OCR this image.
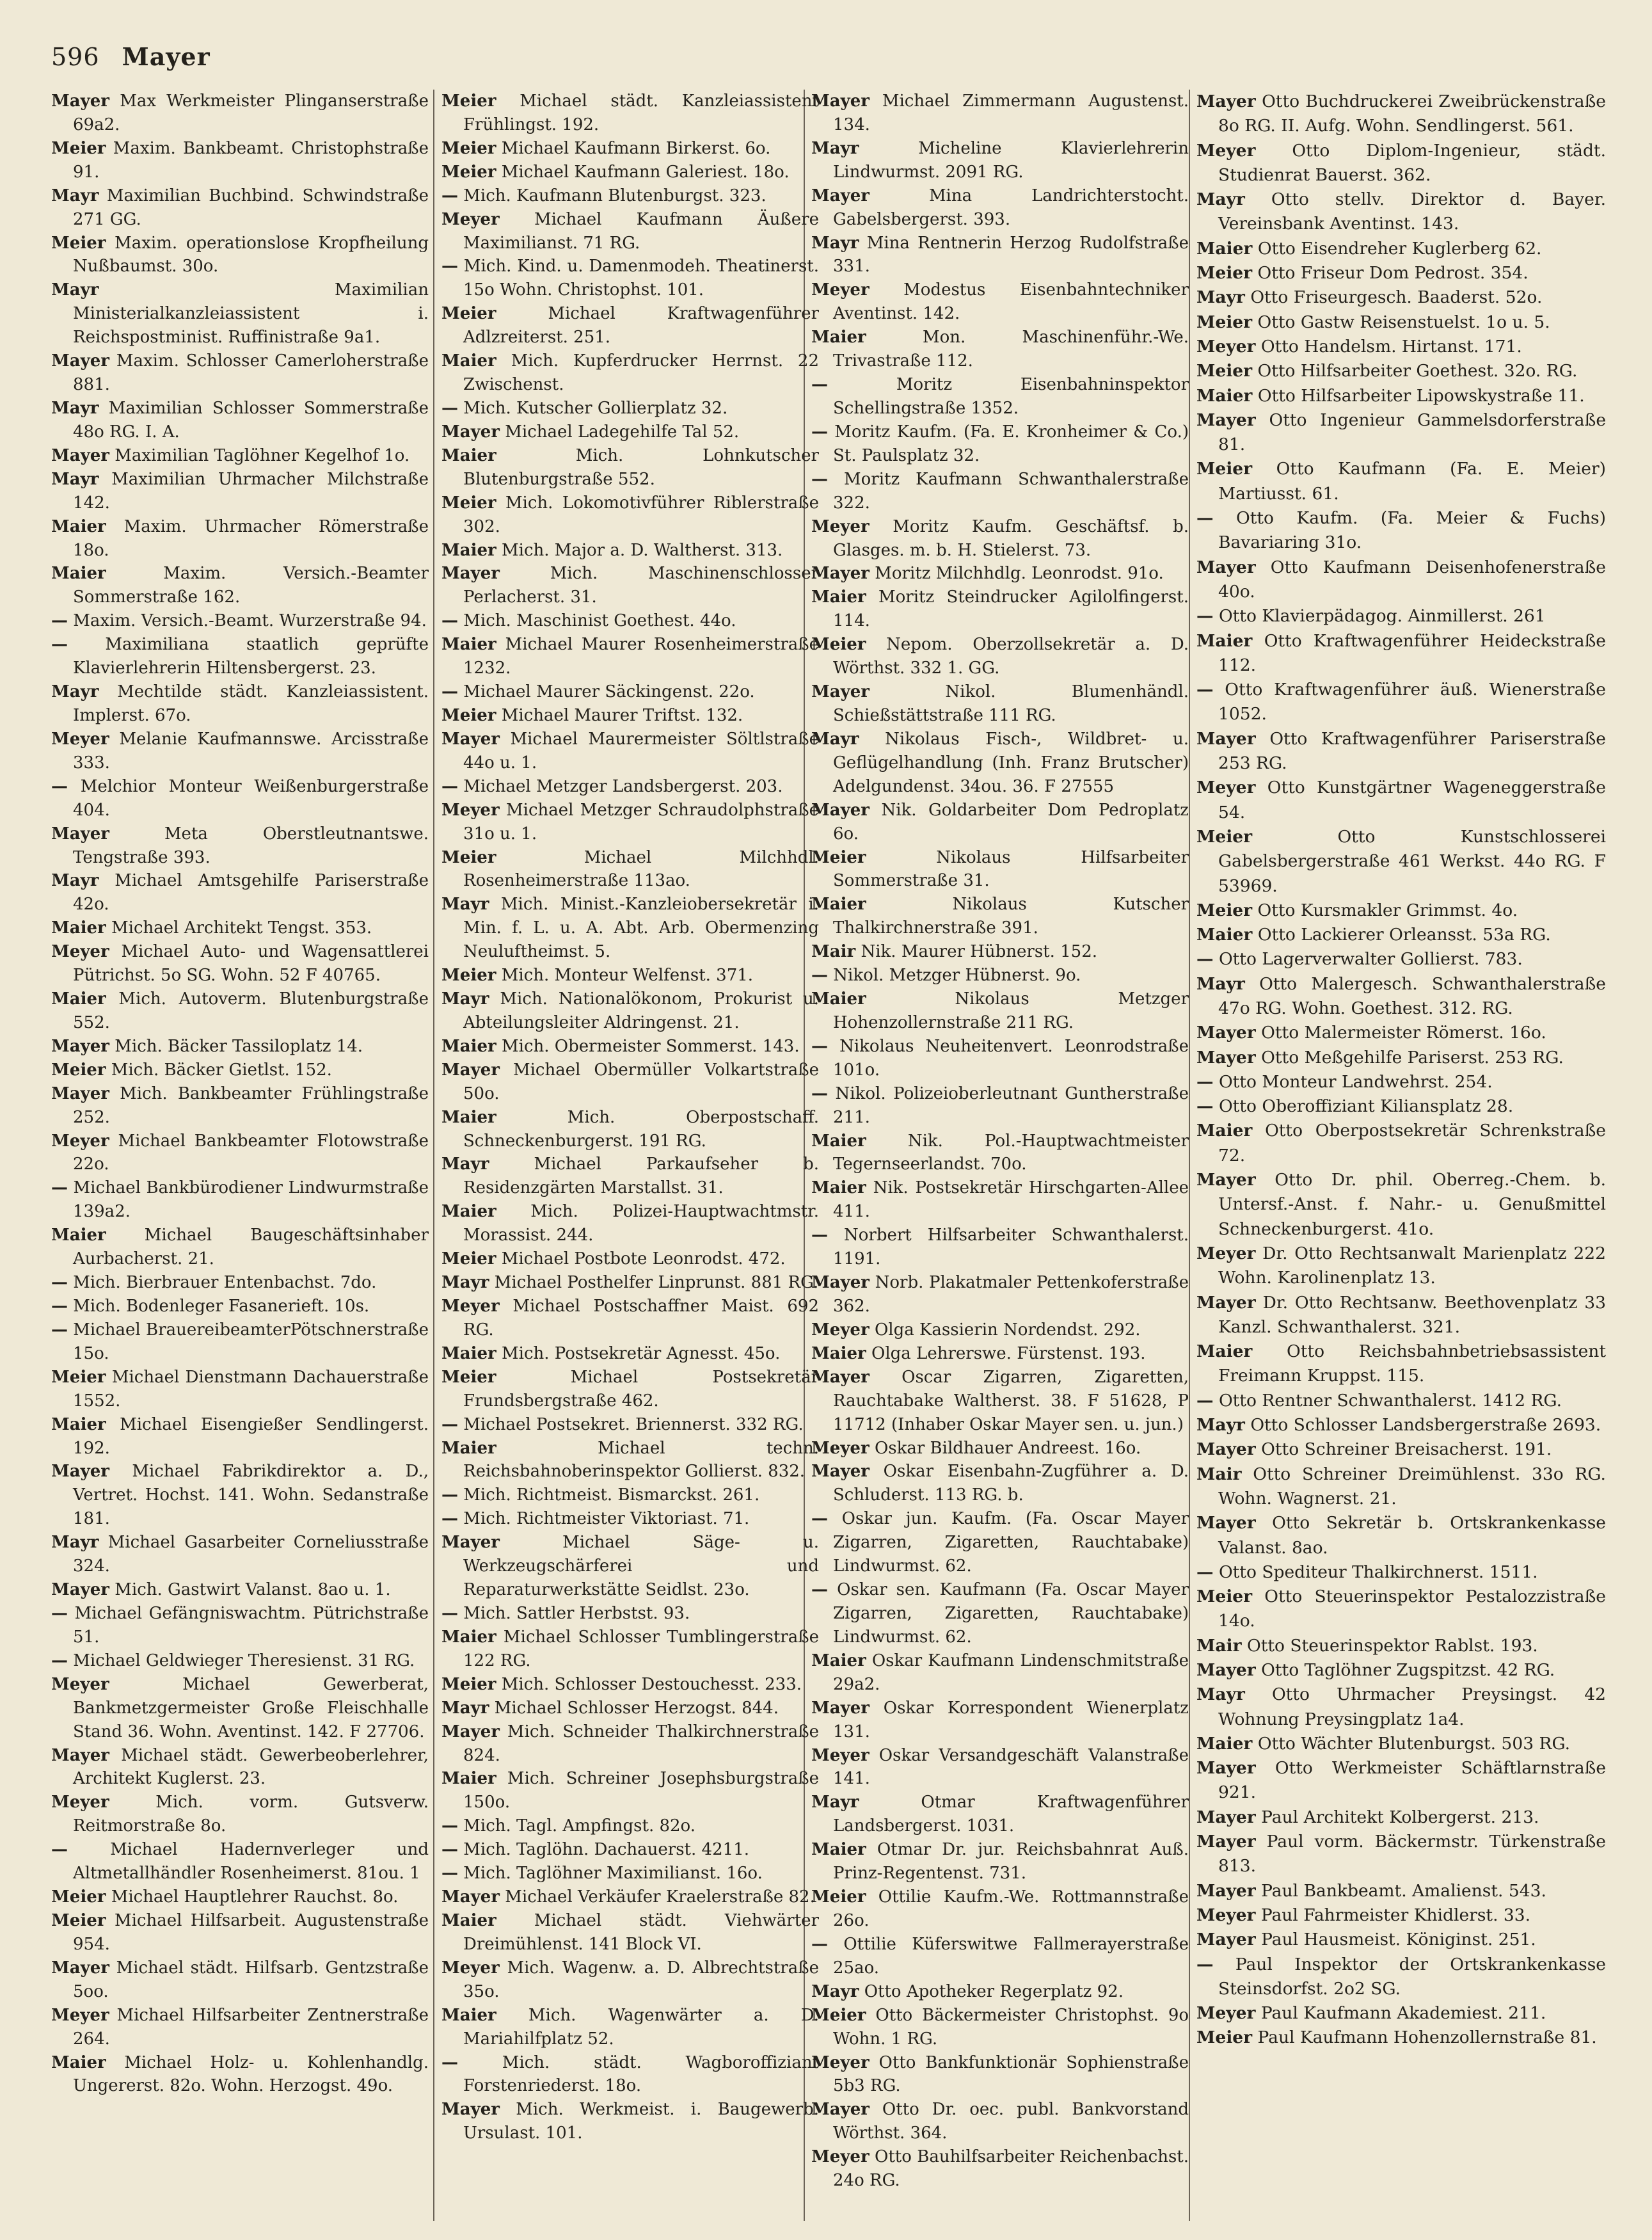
596 Mayer

Mayer Max Werkmeister Plinganserstraße 69a2.

Meier Maxim. Bankbeamt. Christophstraße 91.

Mayr Maximilian Buchbind. Schwindstraße 271 GG.

Meier Maxim. operationslose Kropfheilung Nußbaumst. 30o.

Mayr	Maximilian Ministerialkanzleiassistent i. Reichspostminist. Ruffinistraße 9a1.

Mayer Maxim. Schlosser Camerloherstraße 881.

Mayr Maximilian Schlosser Sommerstraße 48o RG. I. A.

Mayer Maximilian Taglöhner Kegelhof 1o.

Mayr Maximilian Uhrmacher Milchstraße 142.

Maier Maxim. Uhrmacher Römerstraße 18o.

Maier	Maxim. Versich.-Beamter Sommerstraße 162.

— Maxim. Versich.-Beamt. Wurzerstraße 94.

— Maximiliana staatlich geprüfte Klavierlehrerin Hiltensbergerst. 23.

Mayr Mechtilde städt. Kanzleiassistent. Implerst. 67o.

Meyer Melanie Kaufmannswe. Arcisstraße 333.

— Melchior Monteur Weißenburgerstraße 404.

Mayer	Meta Oberstleutnantswe. Tengstraße 393.

Mayr Michael Amtsgehilfe Pariserstraße 42o.

Maier Michael Architekt Tengst. 353.

Meyer Michael Auto- und Wagensattlerei Pütrichst. 5o SG. Wohn. 52 F 40765.

Maier Mich. Autoverm. Blutenburgstraße 552.

Mayer Mich. Bäcker Tassiloplatz 14.

Meier Mich. Bäcker Gietlst. 152.

Mayer Mich. Bankbeamter Frühlingstraße 252.

Meyer Michael Bankbeamter Flotowstraße 22o.

— Michael Bankbürodiener Lindwurmstraße 139a2.

Maier Michael Baugeschäftsinhaber Aurbacherst. 21.

— Mich. Bierbrauer Entenbachst. 7do.

— Mich. Bodenleger Fasanerieft. 10s.

— Michael BrauereibeamterPötschnerstraße 15o.

Meier Michael Dienstmann Dachauerstraße 1552.

Maier Michael Eisengießer Sendlingerst. 192.

Mayer Michael Fabrikdirektor a. D., Vertret. Hochst. 141. Wohn. Sedanstraße 181.

Mayr Michael Gasarbeiter Corneliusstraße 324.

Mayer Mich. Gastwirt Valanst. 8ao u. 1.

— Michael Gefängniswachtm. Pütrichstraße 51.

— Michael Geldwieger Theresienst. 31 RG.

Meyer	Michael Gewerberat, Bankmetzgermeister Große Fleischhalle Stand 36. Wohn. Aventinst. 142. F 27706.

Mayer Michael städt. Gewerbeoberlehrer, Architekt Kuglerst. 23.

Meyer	Mich. vorm. Gutsverw. Reitmorstraße 8o.

—	Michael Hadernverleger und Altmetallhändler Rosenheimerst. 81ou. 1

Meier Michael Hauptlehrer Rauchst. 8o.

Meier Michael Hilfsarbeit. Augustenstraße 954.

Mayer Michael städt. Hilfsarb. Gentzstraße 5oo.

Meyer Michael Hilfsarbeiter Zentnerstraße 264.

Maier Michael Holz- u. Kohlenhandlg. Ungererst. 82o. Wohn. Herzogst. 49o.

Meier Michael städt. Kanzleiassistent Frühlingst. 192.

Meier Michael Kaufmann Birkerst. 6o.

Meier Michael Kaufmann Galeriest. 18o.

— Mich. Kaufmann Blutenburgst. 323.

Meyer Michael Kaufmann Äußere Maximilianst. 71 RG.

— Mich. Kind. u. Damenmodeh. Theatinerst. 15o Wohn. Christophst. 101.

Meier	Michael Kraftwagenführer Adlzreiterst. 251.

Maier Mich. Kupferdrucker Herrnst. 22 Zwischenst.

— Mich. Kutscher Gollierplatz 32.

Mayer Michael Ladegehilfe Tal 52.

Maier	Mich. Lohnkutscher Blutenburgstraße 552.

Meier Mich. Lokomotivführer Riblerstraße 302.

Maier Mich. Major a. D. Waltherst. 313.

Mayer	Mich. Maschinenschlosser Perlacherst. 31.

— Mich. Maschinist Goethest. 44o.

Maier Michael Maurer Rosenheimerstraße 1232.

— Michael Maurer Säckingenst. 22o.

Meier Michael Maurer Triftst. 132.

Mayer Michael Maurermeister Söltlstraße 44o u. 1.

— Michael Metzger Landsbergerst. 203.

Meyer Michael Metzger Schraudolphstraße 31o u. 1.

Meier	Michael Milchhdl. Rosenheimerstraße 113ao.

Mayr Mich. Minist.-Kanzleiobersekretär i. Min. f. L. u. A. Abt. Arb. Obermenzing Neuluftheimst. 5.

Meier Mich. Monteur Welfenst. 371.

Mayr Mich. Nationalökonom, Prokurist u. Abteilungsleiter Aldringenst. 21.

Maier Mich. Obermeister Sommerst. 143.

Mayer Michael Obermüller Volkartstraße 50o.

Maier	Mich. Oberpostschaff. Schneckenburgerst. 191 RG.

Mayr	Michael Parkaufseher b. Residenzgärten Marstallst. 31.

Maier Mich. Polizei-Hauptwachtmstr. Morassist. 244.

Meier Michael Postbote Leonrodst. 472.

Mayr Michael Posthelfer Linprunst. 881 RG.

Meyer Michael Postschaffner Maist. 692 RG.

Maier Mich. Postsekretär Agnesst. 45o.

Meier	Michael Postsekretär Frundsbergstraße 462.

— Michael Postsekret. Briennerst. 332 RG.

Maier	Michael techn. Reichsbahnoberinspektor Gollierst. 832.

— Mich. Richtmeist. Bismarckst. 261.

— Mich. Richtmeister Viktoriast. 71.

Mayer	Michael Säge- u. Werkzeugschärferei und Reparaturwerkstätte Seidlst. 23o.

— Mich. Sattler Herbstst. 93.

Maier Michael Schlosser Tumblingerstraße 122 RG.

Meier Mich. Schlosser Destouchesst. 233.

Mayr Michael Schlosser Herzogst. 844.

Mayer Mich. Schneider Thalkirchnerstraße 824.

Maier Mich. Schreiner Josephsburgstraße 150o.

— Mich. Tagl. Ampfingst. 82o.

— Mich. Taglöhn. Dachauerst. 4211.

— Mich. Taglöhner Maximilianst. 16o.

Mayer Michael Verkäufer Kraelerstraße 82.

Maier Michael städt. Viehwärter Dreimühlenst. 141 Block VI.

Meyer Mich. Wagenw. a. D. Albrechtstraße 35o.

Maier Mich. Wagenwärter a. D. Mariahilfplatz 52.

—	Mich. städt. Wagboroffiziant Forstenriederst. 18o.

Mayer Mich. Werkmeist. i. Baugewerb. Ursulast. 101.

Mayer Michael Zimmermann Augustenst. 134.

Mayr	Micheline Klavierlehrerin Lindwurmst. 2091 RG.

Mayer	Mina Landrichterstocht. Gabelsbergerst. 393.

Mayr Mina Rentnerin Herzog Rudolfstraße 331.

Meyer Modestus Eisenbahntechniker Aventinst. 142.

Maier	Mon. Maschinenführ.-We. Trivastraße 112.

—	Moritz Eisenbahninspektor Schellingstraße 1352.

— Moritz Kaufm. (Fa. E. Kronheimer & Co.) St. Paulsplatz 32.

— Moritz Kaufmann Schwanthalerstraße 322.

Meyer Moritz Kaufm. Geschäftsf. b. Glasges. m. b. H. Stielerst. 73.

Mayer Moritz Milchhdlg. Leonrodst. 91o.

Maier Moritz Steindrucker Agilolfingerst. 114.

Meier Nepom. Oberzollsekretär a. D. Wörthst. 332 1. GG.

Mayer	Nikol. Blumenhändl. Schießstättstraße 111 RG.

Mayr Nikolaus Fisch-, Wildbret- u. Geflügelhandlung (Inh. Franz Brutscher) Adelgundenst. 34ou. 36. F 27555

Mayer Nik. Goldarbeiter Dom Pedroplatz 6o.

Meier	Nikolaus Hilfsarbeiter Sommerstraße 31.

Maier	Nikolaus Kutscher Thalkirchnerstraße 391.

Mair Nik. Maurer Hübnerst. 152.

— Nikol. Metzger Hübnerst. 9o.

Maier	Nikolaus Metzger Hohenzollernstraße 211 RG.

— Nikolaus Neuheitenvert. Leonrodstraße 101o.

— Nikol. Polizeioberleutnant Guntherstraße 211.

Maier	Nik. Pol.-Hauptwachtmeister Tegernseerlandst. 70o.

Maier Nik. Postsekretär Hirschgarten-Allee 411.

— Norbert Hilfsarbeiter Schwanthalerst. 1191.

Mayer Norb. Plakatmaler Pettenkoferstraße 362.

Meyer Olga Kassierin Nordendst. 292.

Maier Olga Lehrerswe. Fürstenst. 193.

Mayer Oscar Zigarren, Zigaretten, Rauchtabake Waltherst. 38. F 51628, P 11712 (Inhaber Oskar Mayer sen. u. jun.)

Meyer Oskar Bildhauer Andreest. 16o.

Mayer Oskar Eisenbahn-Zugführer a. D. Schluderst. 113 RG. b.

— Oskar jun. Kaufm. (Fa. Oscar Mayer Zigarren, Zigaretten, Rauchtabake) Lindwurmst. 62.

— Oskar sen. Kaufmann (Fa. Oscar Mayer Zigarren, Zigaretten, Rauchtabake) Lindwurmst. 62.

Maier Oskar Kaufmann Lindenschmitstraße 29a2.

Mayer Oskar Korrespondent Wienerplatz 131.

Meyer Oskar Versandgeschäft Valanstraße 141.

Mayr	Otmar Kraftwagenführer Landsbergerst. 1031.

Maier Otmar Dr. jur. Reichsbahnrat Auß. Prinz-Regentenst. 731.

Meier Ottilie Kaufm.-We. Rottmannstraße 26o.

— Ottilie Küferswitwe Fallmerayerstraße 25ao.

Mayr Otto Apotheker Regerplatz 92.

Meier Otto Bäckermeister Christophst. 9o Wohn. 1 RG.

Meyer Otto Bankfunktionär Sophienstraße 5b3 RG.

Mayer Otto Dr. oec. publ. Bankvorstand Wörthst. 364.

Meyer Otto Bauhilfsarbeiter Reichenbachst. 24o RG.

Mayer Otto Buchdruckerei Zweibrückenstraße 8o RG. II. Aufg. Wohn. Sendlingerst. 561.

Meyer Otto Diplom-Ingenieur, städt. Studienrat Bauerst. 362.

Mayr Otto stellv. Direktor d. Bayer. Vereinsbank Aventinst. 143.

Maier Otto Eisendreher Kuglerberg 62.

Meier Otto Friseur Dom Pedrost. 354.

Mayr Otto Friseurgesch. Baaderst. 52o.

Meier Otto Gastw Reisenstuelst. 1o u. 5.

Meyer Otto Handelsm. Hirtanst. 171.

Meier Otto Hilfsarbeiter Goethest. 32o. RG.

Maier Otto Hilfsarbeiter Lipowskystraße 11.

Mayer Otto Ingenieur Gammelsdorferstraße 81.

Meier Otto Kaufmann (Fa. E. Meier) Martiusst. 61.

— Otto Kaufm. (Fa. Meier & Fuchs) Bavariaring 31o.

Mayer Otto Kaufmann Deisenhofenerstraße 40o.

— Otto Klavierpädagog. Ainmillerst. 261

Maier Otto Kraftwagenführer Heideckstraße 112.

— Otto Kraftwagenführer äuß. Wienerstraße 1052.

Mayer Otto Kraftwagenführer Pariserstraße 253 RG.

Meyer Otto Kunstgärtner Wageneggerstraße 54.

Meier	Otto Kunstschlosserei Gabelsbergerstraße 461 Werkst. 44o RG. F 53969.

Meier Otto Kursmakler Grimmst. 4o.

Maier Otto Lackierer Orleansst. 53a RG.

— Otto Lagerverwalter Gollierst. 783.

Mayr Otto Malergesch. Schwanthalerstraße 47o RG. Wohn. Goethest. 312. RG.

Mayer Otto Malermeister Römerst. 16o.

Mayer Otto Meßgehilfe Pariserst. 253 RG.

— Otto Monteur Landwehrst. 254.

— Otto Oberoffiziant Kiliansplatz 28.

Maier Otto Oberpostsekretär Schrenkstraße 72.

Mayer Otto Dr. phil. Oberreg.-Chem. b. Untersf.-Anst. f. Nahr.- u. Genußmittel Schneckenburgerst. 41o.

Meyer Dr. Otto Rechtsanwalt Marienplatz 222 Wohn. Karolinenplatz 13.

Mayer Dr. Otto Rechtsanw. Beethovenplatz 33 Kanzl. Schwanthalerst. 321.

Maier Otto Reichsbahnbetriebsassistent Freimann Kruppst. 115.

— Otto Rentner Schwanthalerst. 1412 RG.

Mayr Otto Schlosser Landsbergerstraße 2693.

Mayer Otto Schreiner Breisacherst. 191.

Mair Otto Schreiner Dreimühlenst. 33o RG. Wohn. Wagnerst. 21.

Mayer Otto Sekretär b. Ortskrankenkasse Valanst. 8ao.

— Otto Spediteur Thalkirchnerst. 1511.

Meier Otto Steuerinspektor Pestalozzistraße 14o.

Mair Otto Steuerinspektor Rablst. 193.

Mayer Otto Taglöhner Zugspitzst. 42 RG.

Mayr Otto Uhrmacher Preysingst. 42 Wohnung Preysingplatz 1a4.

Maier Otto Wächter Blutenburgst. 503 RG.

Mayer Otto Werkmeister Schäftlarnstraße 921.

Mayer Paul Architekt Kolbergerst. 213.

Mayer Paul vorm. Bäckermstr. Türkenstraße 813.

Mayer Paul Bankbeamt. Amalienst. 543.

Meyer Paul Fahrmeister Khidlerst. 33.

Mayer Paul Hausmeist. Königinst. 251.

— Paul Inspektor der Ortskrankenkasse Steinsdorfst. 2o2 SG.

Meyer Paul Kaufmann Akademiest. 211.

Meier Paul Kaufmann Hohenzollernstraße 81.
